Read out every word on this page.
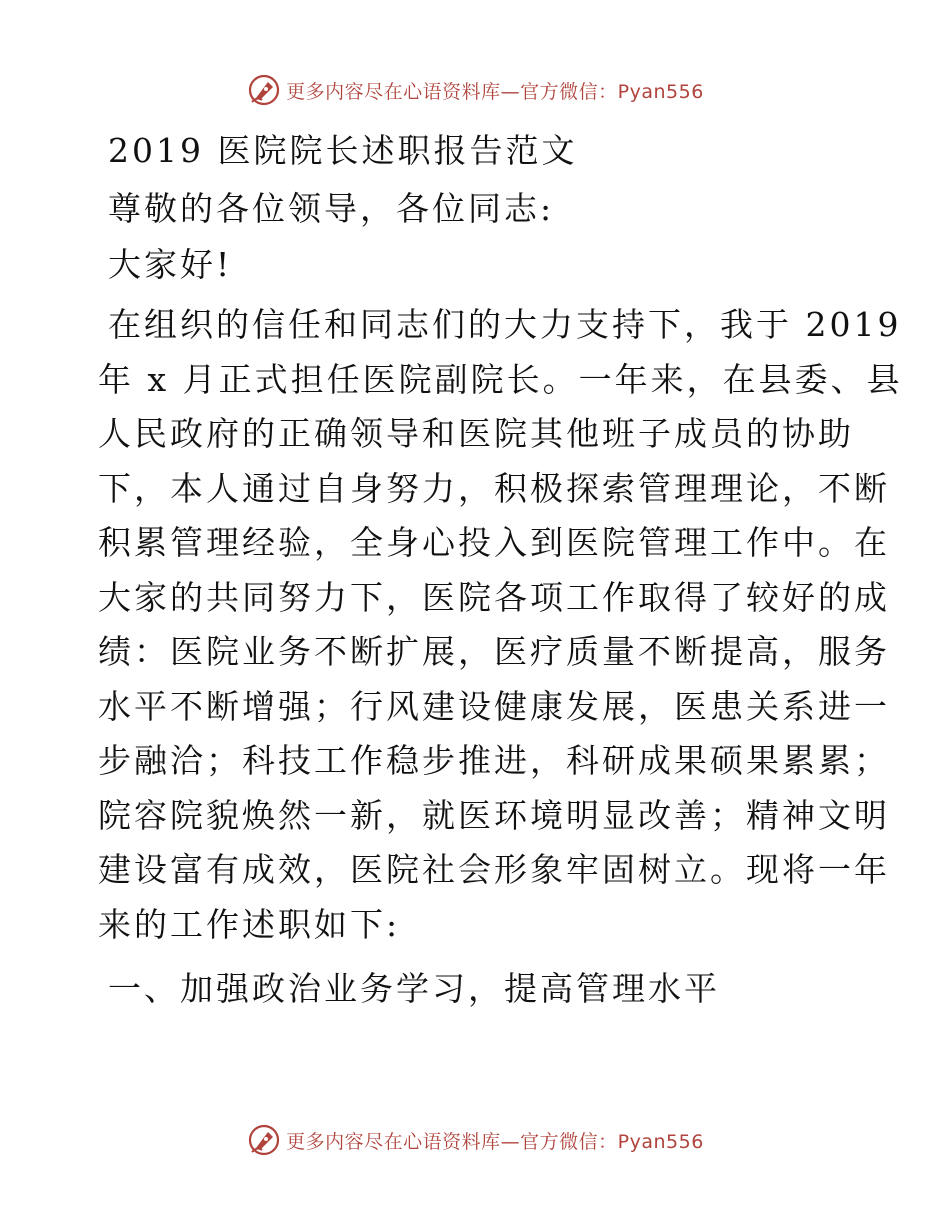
更多内容尽在心语资料库—官方微信：Pyan556

2019 医院院长述职报告范文

尊敬的各位领导，各位同志:

大家好!

在组织的信任和同志们的大力支持下，我于 2019

年 x 月正式担任医院副院长。一年来，在县委、县

人民政府的正确领导和医院其他班子成员的协助

下，本人通过自身努力，积极探索管理理论，不断

积累管理经验，全身心投入到医院管理工作中。在

大家的共同努力下，医院各项工作取得了较好的成

绩：医院业务不断扩展，医疗质量不断提高，服务

水平不断增强；行风建设健康发展，医患关系进一

步融洽；科技工作稳步推进，科研成果硕果累累；

院容院貌焕然一新，就医环境明显改善；精神文明

建设富有成效，医院社会形象牢固树立。现将一年

来的工作述职如下:

一、加强政治业务学习，提高管理水平

更多内容尽在心语资料库—官方微信：Pyan556
